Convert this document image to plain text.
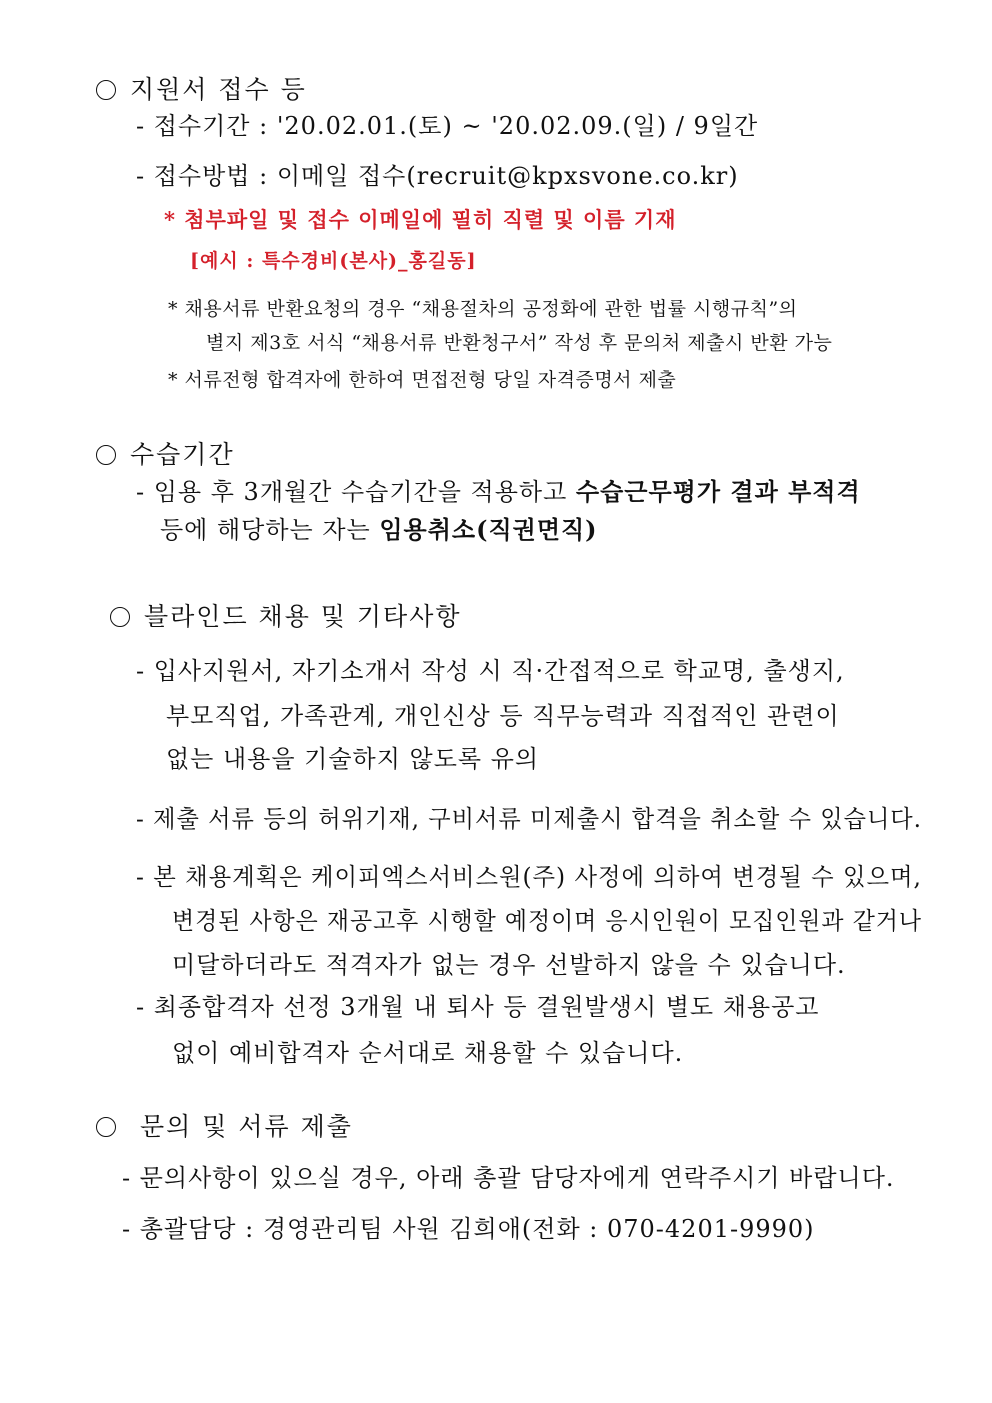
지원서 접수 등
- 접수기간 : '20.02.01.(토) ~ '20.02.09.(일) / 9일간
- 접수방법 : 이메일 접수(recruit@kpxsvone.co.kr)
* 첨부파일 및 접수 이메일에 필히 직렬 및 이름 기재
[예시 : 특수경비(본사)_홍길동]
* 채용서류 반환요청의 경우 “채용절차의 공정화에 관한 법률 시행규칙”의
별지 제3호 서식 “채용서류 반환청구서” 작성 후 문의처 제출시 반환 가능
* 서류전형 합격자에 한하여 면접전형 당일 자격증명서 제출
수습기간
- 임용 후 3개월간 수습기간을 적용하고 수습근무평가 결과 부적격
등에 해당하는 자는 임용취소(직권면직)
블라인드 채용 및 기타사항
- 입사지원서, 자기소개서 작성 시 직·간접적으로 학교명, 출생지,
부모직업, 가족관계, 개인신상 등 직무능력과 직접적인 관련이
없는 내용을 기술하지 않도록 유의
- 제출 서류 등의 허위기재, 구비서류 미제출시 합격을 취소할 수 있습니다.
- 본 채용계획은 케이피엑스서비스원(주) 사정에 의하여 변경될 수 있으며,
변경된 사항은 재공고후 시행할 예정이며 응시인원이 모집인원과 같거나
미달하더라도 적격자가 없는 경우 선발하지 않을 수 있습니다.
- 최종합격자 선정 3개월 내 퇴사 등 결원발생시 별도 채용공고
없이 예비합격자 순서대로 채용할 수 있습니다.
문의 및 서류 제출
- 문의사항이 있으실 경우, 아래 총괄 담당자에게 연락주시기 바랍니다.
- 총괄담당 : 경영관리팀 사원 김희애(전화 : 070-4201-9990)
